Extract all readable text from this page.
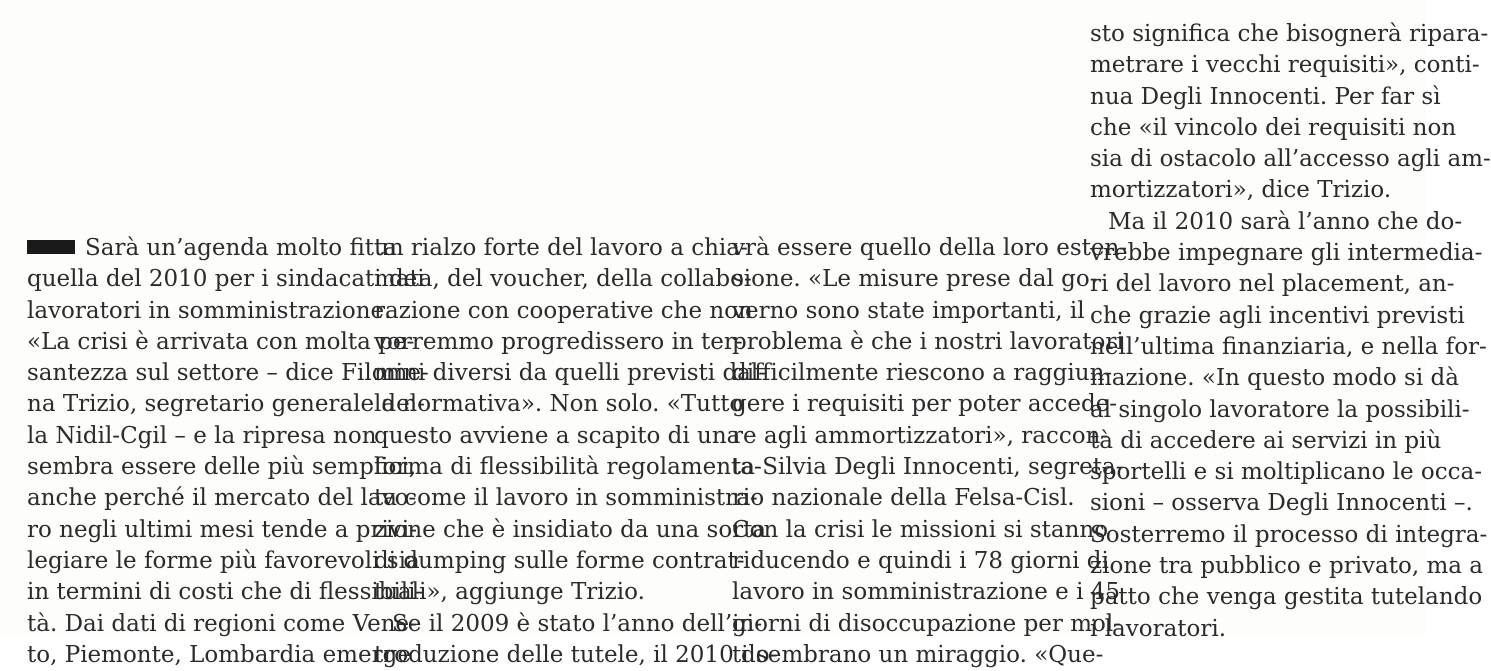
Sarà un’agenda molto fitta
quella del 2010 per i sindacati dei
lavoratori in somministrazione.
«La crisi è arrivata con molta pe-
santezza sul settore – dice Filome-
na Trizio, segretario generale del-
la Nidil-Cgil – e la ripresa non
sembra essere delle più semplici,
anche perché il mercato del lavo-
ro negli ultimi mesi tende a privi-
legiare le forme più favorevoli sia
in termini di costi che di flessibili-
tà. Dai dati di regioni come Vene-
to, Piemonte, Lombardia emerge
un rialzo forte del lavoro a chia-
mata, del voucher, della collabo-
razione con cooperative che non
vorremmo progredissero in ter-
mini diversi da quelli previsti dal-
la normativa». Non solo. «Tutto
questo avviene a scapito di una
forma di flessibilità regolamenta-
ta come il lavoro in somministra-
zione che è insidiato da una sorta
di dumping sulle forme contrat-
tuali», aggiunge Trizio.
Se il 2009 è stato l’anno dell’in-
troduzione delle tutele, il 2010 do-
vrà essere quello della loro esten-
sione. «Le misure prese dal go-
verno sono state importanti, il
problema è che i nostri lavoratori
difficilmente riescono a raggiun-
gere i requisiti per poter accede-
re agli ammortizzatori», raccon-
ta Silvia Degli Innocenti, segreta-
rio nazionale della Felsa-Cisl.
Con la crisi le missioni si stanno
riducendo e quindi i 78 giorni di
lavoro in somministrazione e i 45
giorni di disoccupazione per mol-
ti sembrano un miraggio. «Que-
sto significa che bisognerà ripara-
metrare i vecchi requisiti», conti-
nua Degli Innocenti. Per far sì
che «il vincolo dei requisiti non
sia di ostacolo all’accesso agli am-
mortizzatori», dice Trizio.
Ma il 2010 sarà l’anno che do-
vrebbe impegnare gli intermedia-
ri del lavoro nel placement, an-
che grazie agli incentivi previsti
nell’ultima finanziaria, e nella for-
mazione. «In questo modo si dà
al singolo lavoratore la possibili-
tà di accedere ai servizi in più
sportelli e si moltiplicano le occa-
sioni – osserva Degli Innocenti –.
Sosterremo il processo di integra-
zione tra pubblico e privato, ma a
patto che venga gestita tutelando
i lavoratori.
